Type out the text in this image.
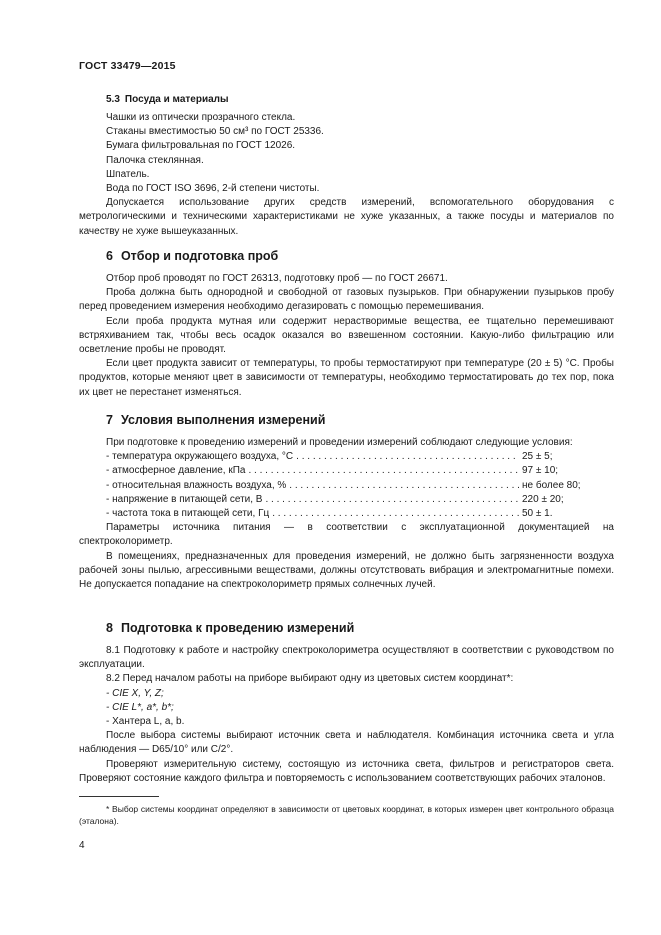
ГОСТ 33479—2015

5.3 Посуда и материалы

Чашки из оптически прозрачного стекла.

Стаканы вместимостью 50 см³ по ГОСТ 25336.

Бумага фильтровальная по ГОСТ 12026.

Палочка стеклянная.

Шпатель.

Вода по ГОСТ ISO 3696, 2-й степени чистоты.

Допускается использование других средств измерений, вспомогательного оборудования с метрологическими и техническими характеристиками не хуже указанных, а также посуды и материалов по качеству не хуже вышеуказанных.

6 Отбор и подготовка проб

Отбор проб проводят по ГОСТ 26313, подготовку проб — по ГОСТ 26671.

Проба должна быть однородной и свободной от газовых пузырьков. При обнаружении пузырьков пробу перед проведением измерения необходимо дегазировать с помощью перемешивания.

Если проба продукта мутная или содержит нерастворимые вещества, ее тщательно перемешивают встряхиванием так, чтобы весь осадок оказался во взвешенном состоянии. Какую-либо фильтрацию или осветление пробы не проводят.

Если цвет продукта зависит от температуры, то пробы термостатируют при температуре (20 ± 5) °С. Пробы продуктов, которые меняют цвет в зависимости от температуры, необходимо термостатировать до тех пор, пока их цвет не перестанет изменяться.

7 Условия выполнения измерений

При подготовке к проведению измерений и проведении измерений соблюдают следующие условия:

- температура окружающего воздуха, °С . . .	25 ± 5;
- атмосферное давление, кПа . . .	97 ± 10;
- относительная влажность воздуха, % . . .	не более 80;
- напряжение в питающей сети, В . . .	220 ± 20;
- частота тока в питающей сети, Гц . . .	50 ± 1.

Параметры источника питания — в соответствии с эксплуатационной документацией на спектроколориметр.

В помещениях, предназначенных для проведения измерений, не должно быть загрязненности воздуха рабочей зоны пылью, агрессивными веществами, должны отсутствовать вибрация и электромагнитные помехи. Не допускается попадание на спектроколориметр прямых солнечных лучей.

8 Подготовка к проведению измерений

8.1 Подготовку к работе и настройку спектроколориметра осуществляют в соответствии с руководством по эксплуатации.

8.2 Перед началом работы на приборе выбирают одну из цветовых систем координат*:

- CIE X, Y, Z;

- CIE L*, a*, b*;

- Хантера L, a, b.

После выбора системы выбирают источник света и наблюдателя. Комбинация источника света и угла наблюдения — D65/10° или С/2°.

Проверяют измерительную систему, состоящую из источника света, фильтров и регистраторов света. Проверяют состояние каждого фильтра и повторяемость с использованием соответствующих рабочих эталонов.

* Выбор системы координат определяют в зависимости от цветовых координат, в которых измерен цвет контрольного образца (эталона).

4
